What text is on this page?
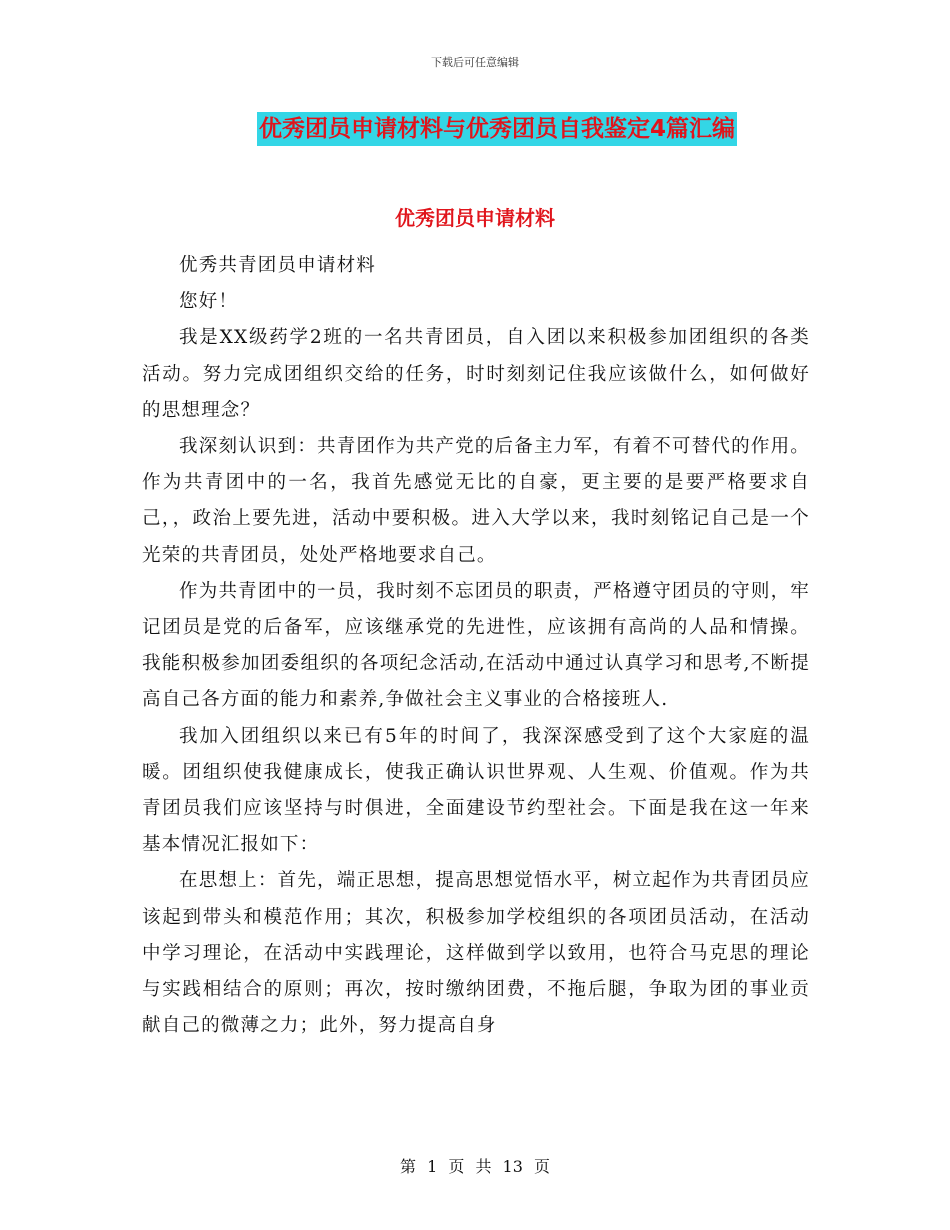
下载后可任意编辑
优秀团员申请材料与优秀团员自我鉴定4篇汇编
优秀团员申请材料

优秀共青团员申请材料

您好！

我是XX级药学2班的一名共青团员，自入团以来积极参加团组织的各类活动。努力完成团组织交给的任务，时时刻刻记住我应该做什么，如何做好的思想理念？

我深刻认识到：共青团作为共产党的后备主力军，有着不可替代的作用。作为共青团中的一名，我首先感觉无比的自豪，更主要的是要严格要求自己，，政治上要先进，活动中要积极。进入大学以来，我时刻铭记自己是一个光荣的共青团员，处处严格地要求自己。

作为共青团中的一员，我时刻不忘团员的职责，严格遵守团员的守则，牢记团员是党的后备军，应该继承党的先进性，应该拥有高尚的人品和情操。我能积极参加团委组织的各项纪念活动,在活动中通过认真学习和思考,不断提高自己各方面的能力和素养,争做社会主义事业的合格接班人.

我加入团组织以来已有5年的时间了，我深深感受到了这个大家庭的温暖。团组织使我健康成长，使我正确认识世界观、人生观、价值观。作为共青团员我们应该坚持与时俱进，全面建设节约型社会。下面是我在这一年来基本情况汇报如下：

在思想上：首先，端正思想，提高思想觉悟水平，树立起作为共青团员应该起到带头和模范作用；其次，积极参加学校组织的各项团员活动，在活动中学习理论，在活动中实践理论，这样做到学以致用，也符合马克思的理论与实践相结合的原则；再次，按时缴纳团费，不拖后腿，争取为团的事业贡献自己的微薄之力；此外，努力提高自身

第 1 页 共 13 页
